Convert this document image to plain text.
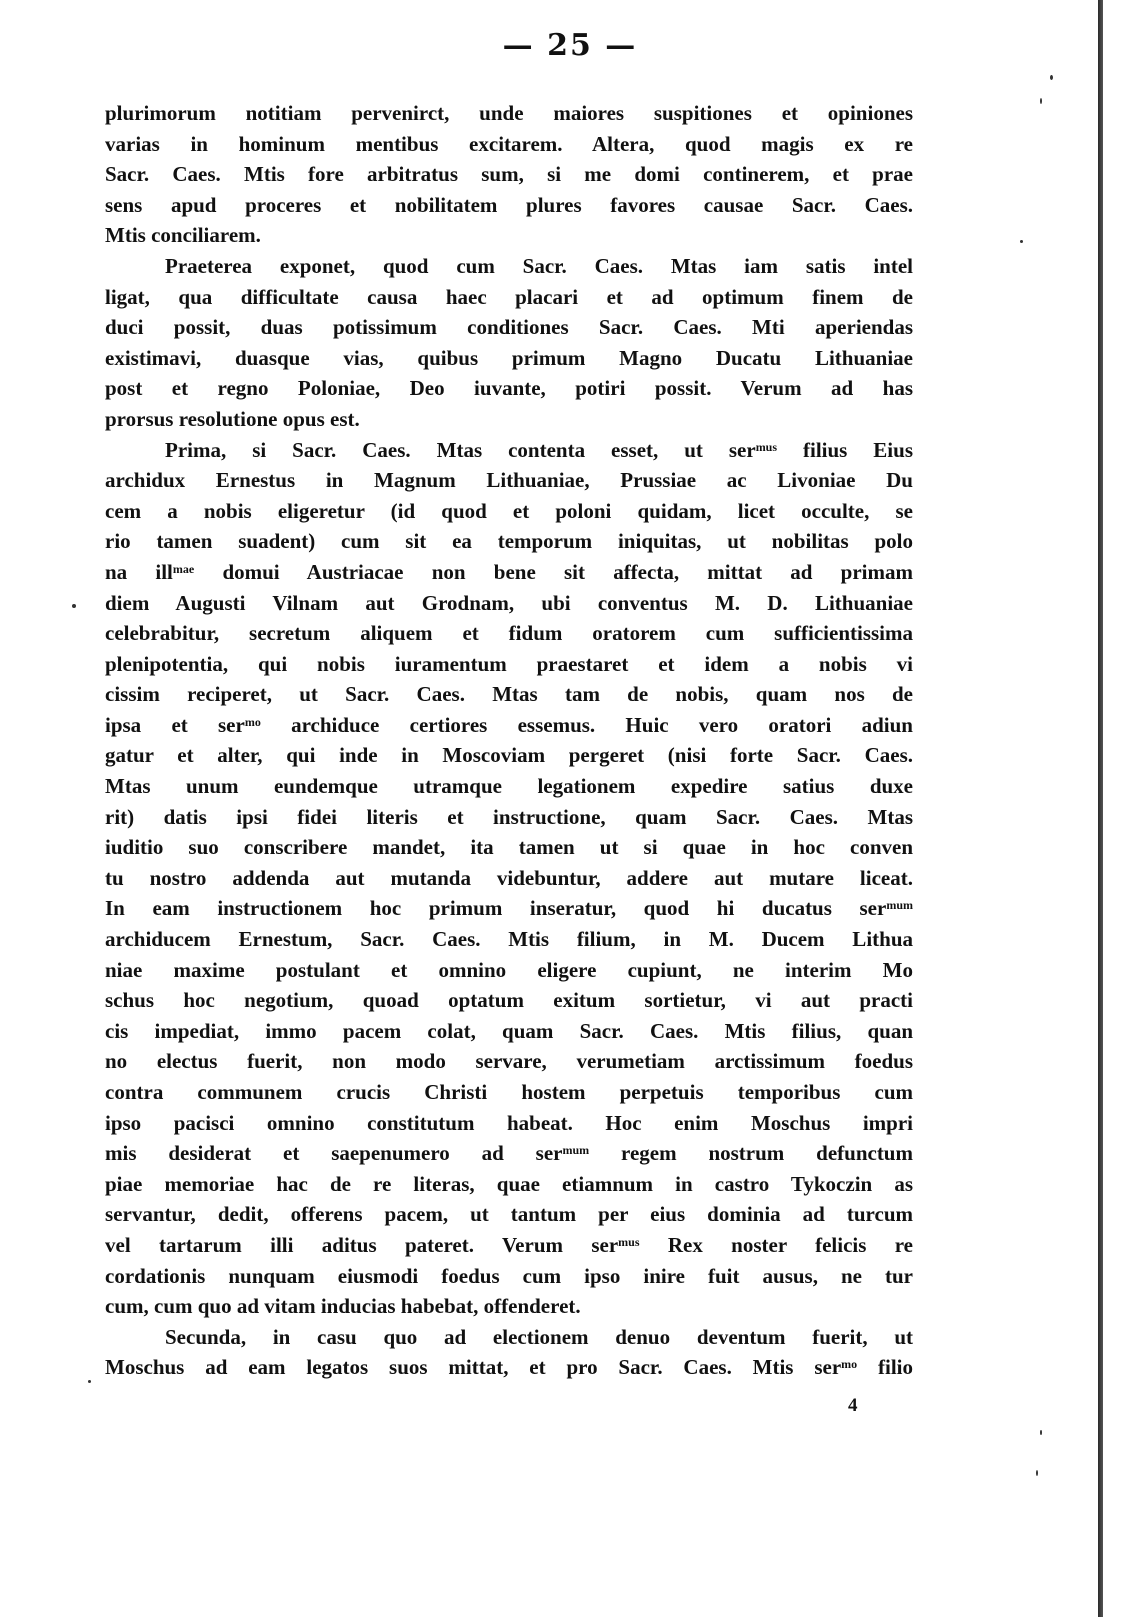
— 25 —
plurimorum notitiam pervenirct, unde maiores suspitiones et opiniones
varias in hominum mentibus excitarem. Altera, quod magis ex re
Sacr. Caes. Mtis fore arbitratus sum, si me domi continerem, et prae
sens apud proceres et nobilitatem plures favores causae Sacr. Caes.
Mtis conciliarem.
Praeterea exponet, quod cum Sacr. Caes. Mtas iam satis intel
ligat, qua difficultate causa haec placari et ad optimum finem de
duci possit, duas potissimum conditiones Sacr. Caes. Mti aperiendas
existimavi, duasque vias, quibus primum Magno Ducatu Lithuaniae
post et regno Poloniae, Deo iuvante, potiri possit. Verum ad has
prorsus resolutione opus est.
Prima, si Sacr. Caes. Mtas contenta esset, ut ser$^{mus}$ filius Eius
archidux Ernestus in Magnum Lithuaniae, Prussiae ac Livoniae Du
cem a nobis eligeretur (id quod et poloni quidam, licet occulte, se
rio tamen suadent) cum sit ea temporum iniquitas, ut nobilitas polo
na ill$^{mae}$ domui Austriacae non bene sit affecta, mittat ad primam
diem Augusti Vilnam aut Grodnam, ubi conventus M. D. Lithuaniae
celebrabitur, secretum aliquem et fidum oratorem cum sufficientissima
plenipotentia, qui nobis iuramentum praestaret et idem a nobis vi
cissim reciperet, ut Sacr. Caes. Mtas tam de nobis, quam nos de
ipsa et ser$^{mo}$ archiduce certiores essemus. Huic vero oratori adiun
gatur et alter, qui inde in Moscoviam pergeret (nisi forte Sacr. Caes.
Mtas unum eundemque utramque legationem expedire satius duxe
rit) datis ipsi fidei literis et instructione, quam Sacr. Caes. Mtas
iuditio suo conscribere mandet, ita tamen ut si quae in hoc conven
tu nostro addenda aut mutanda videbuntur, addere aut mutare liceat.
In eam instructionem hoc primum inseratur, quod hi ducatus ser$^{mum}$
archiducem Ernestum, Sacr. Caes. Mtis filium, in M. Ducem Lithua
niae maxime postulant et omnino eligere cupiunt, ne interim Mo
schus hoc negotium, quoad optatum exitum sortietur, vi aut practi
cis impediat, immo pacem colat, quam Sacr. Caes. Mtis filius, quan
no electus fuerit, non modo servare, verumetiam arctissimum foedus
contra communem crucis Christi hostem perpetuis temporibus cum
ipso pacisci omnino constitutum habeat. Hoc enim Moschus impri
mis desiderat et saepenumero ad ser$^{mum}$ regem nostrum defunctum
piae memoriae hac de re literas, quae etiamnum in castro Tykoczin as
servantur, dedit, offerens pacem, ut tantum per eius dominia ad turcum
vel tartarum illi aditus pateret. Verum ser$^{mus}$ Rex noster felicis re
cordationis nunquam eiusmodi foedus cum ipso inire fuit ausus, ne tur
cum, cum quo ad vitam inducias habebat, offenderet.
Secunda, in casu quo ad electionem denuo deventum fuerit, ut
Moschus ad eam legatos suos mittat, et pro Sacr. Caes. Mtis ser$^{mo}$ filio
4
